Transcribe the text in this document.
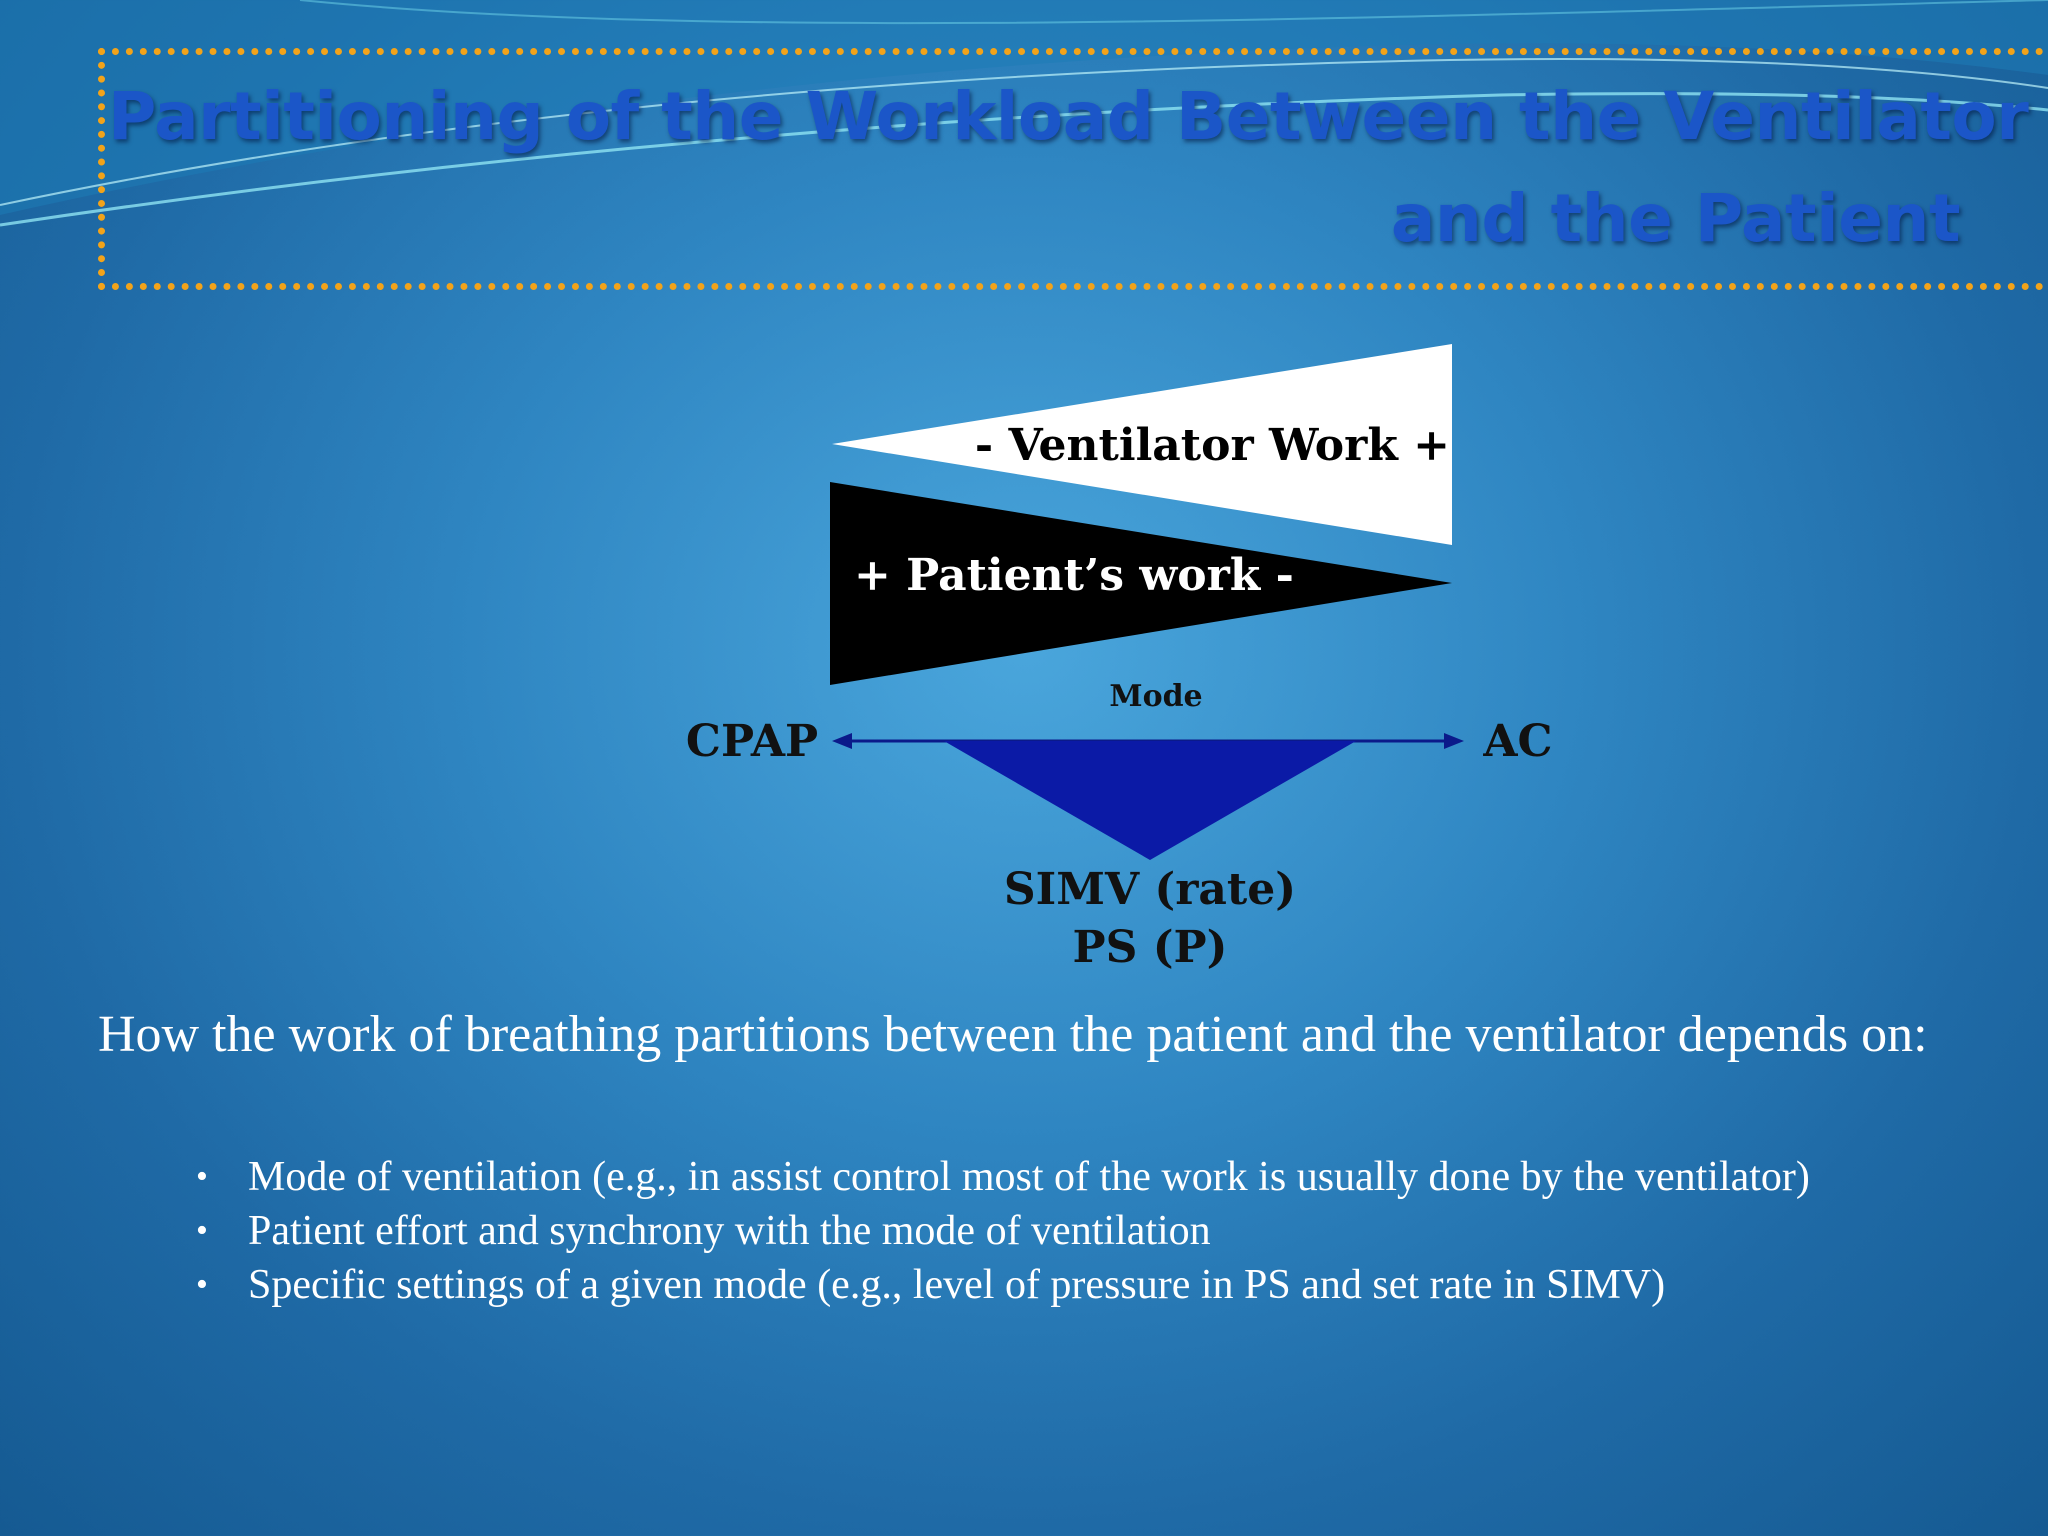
Partitioning of the Workload Between the Ventilator
and the Patient
- Ventilator Work +
+ Patient’s work -
Mode
CPAP	AC
SIMV (rate)
PS (P)
How the work of breathing partitions between the patient and the ventilator depends on:
• Mode of ventilation (e.g., in assist control most of the work is usually done by the ventilator)
• Patient effort and synchrony with the mode of ventilation
• Specific settings of a given mode (e.g., level of pressure in PS and set rate in SIMV)
